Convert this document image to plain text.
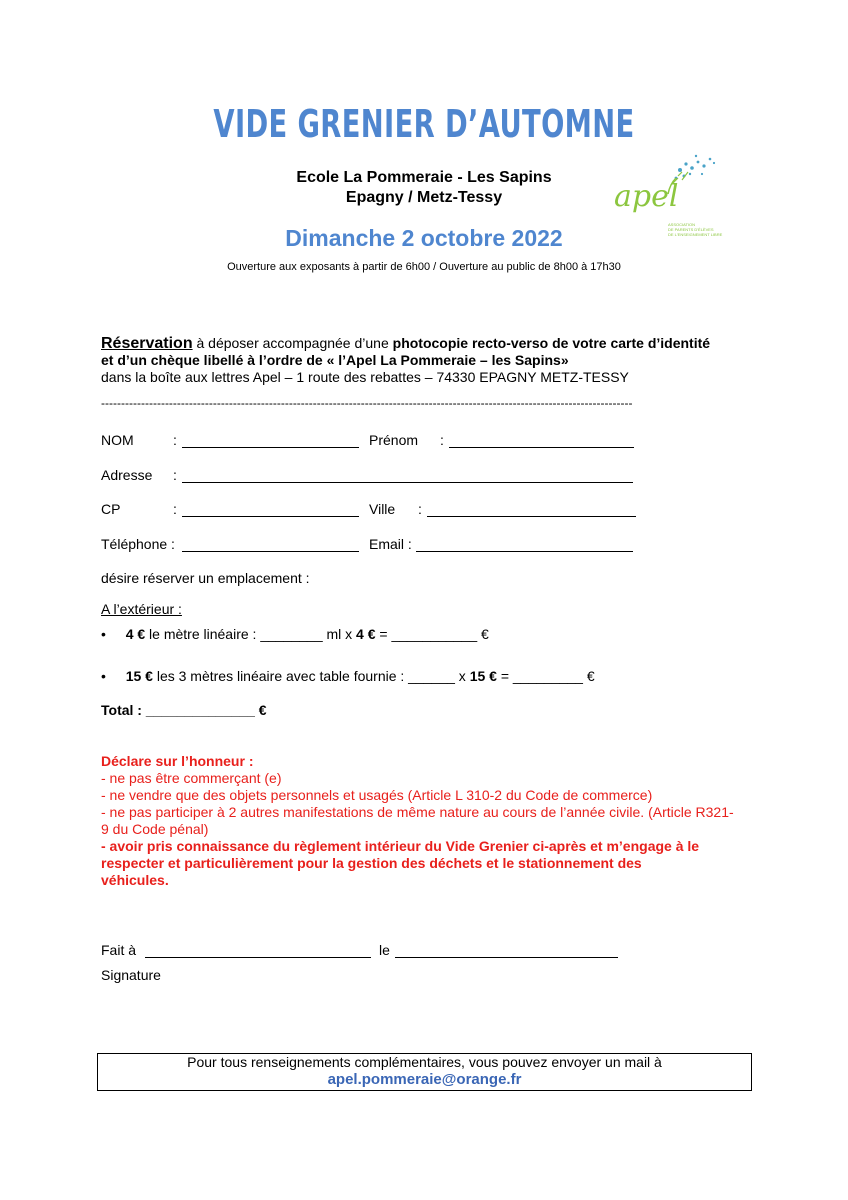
VIDE GRENIER D’AUTOMNE
Ecole La Pommeraie - Les Sapins
Epagny / Metz-Tessy
Dimanche 2 octobre 2022
Ouverture aux exposants à partir de 6h00 / Ouverture au public de 8h00 à 17h30
apel
ASSOCIATION
DE PARENTS D'ÉLÈVES
DE L'ENSEIGNEMENT LIBRE
Réservation à déposer accompagnée d’une photocopie recto-verso de votre carte d’identité
et d’un chèque libellé à l’ordre de « l’Apel La Pommeraie – les Sapins»
dans la boîte aux lettres Apel – 1 route des rebattes – 74330 EPAGNY METZ-TESSY
-------------------------------------------------------------------------------------------------------------------------------------
NOM	:	Prénom :
Adresse :
CP	:	Ville :
Téléphone :	Email :
désire réserver un emplacement :
A l’extérieur :
• 4 € le mètre linéaire : ________ ml x 4 € = ___________ €
• 15 € les 3 mètres linéaire avec table fournie : ______ x 15 € = _________ €
Total : ______________ €
Déclare sur l’honneur :
- ne pas être commerçant (e)
- ne vendre que des objets personnels et usagés (Article L 310-2 du Code de commerce)
- ne pas participer à 2 autres manifestations de même nature au cours de l’année civile. (Article R321-
9 du Code pénal)
- avoir pris connaissance du règlement intérieur du Vide Grenier ci-après et m’engage à le
respecter et particulièrement pour la gestion des déchets et le stationnement des
véhicules.
Fait à	le
Signature
Pour tous renseignements complémentaires, vous pouvez envoyer un mail à
apel.pommeraie@orange.fr
